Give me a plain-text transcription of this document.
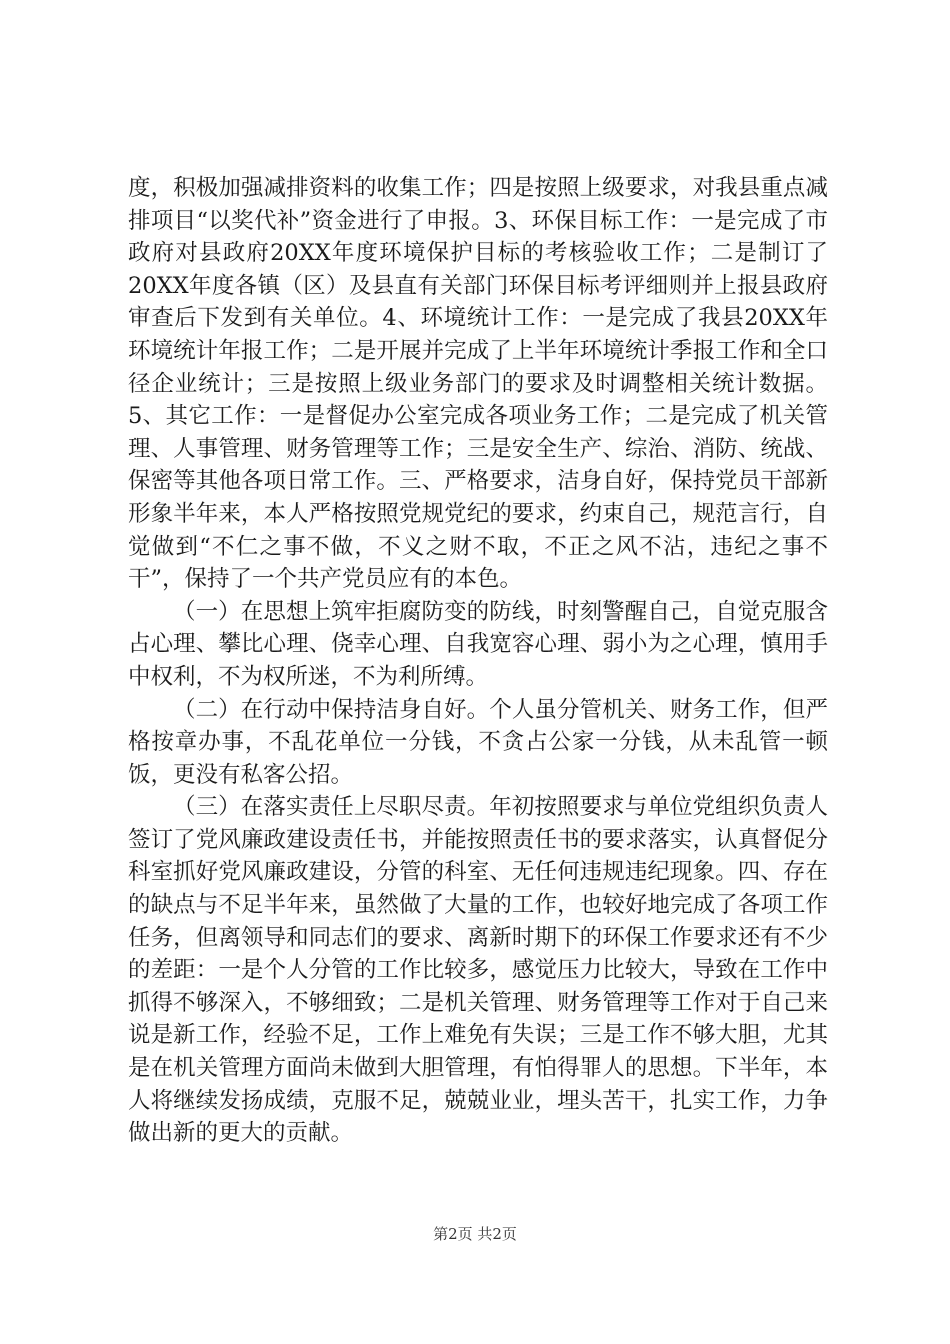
度，积极加强减排资料的收集工作；四是按照上级要求，对我县重点减排项目“以奖代补”资金进行了申报。3、环保目标工作：一是完成了市政府对县政府20XX年度环境保护目标的考核验收工作；二是制订了20XX年度各镇（区）及县直有关部门环保目标考评细则并上报县政府审查后下发到有关单位。4、环境统计工作：一是完成了我县20XX年环境统计年报工作；二是开展并完成了上半年环境统计季报工作和全口径企业统计；三是按照上级业务部门的要求及时调整相关统计数据。5、其它工作：一是督促办公室完成各项业务工作；二是完成了机关管理、人事管理、财务管理等工作；三是安全生产、综治、消防、统战、保密等其他各项日常工作。三、严格要求，洁身自好，保持党员干部新形象半年来，本人严格按照党规党纪的要求，约束自己，规范言行，自觉做到“不仁之事不做，不义之财不取，不正之风不沾，违纪之事不干”，保持了一个共产党员应有的本色。

（一）在思想上筑牢拒腐防变的防线，时刻警醒自己，自觉克服含占心理、攀比心理、侥幸心理、自我宽容心理、弱小为之心理，慎用手中权利，不为权所迷，不为利所缚。

（二）在行动中保持洁身自好。个人虽分管机关、财务工作，但严格按章办事，不乱花单位一分钱，不贪占公家一分钱，从未乱管一顿饭，更没有私客公招。

（三）在落实责任上尽职尽责。年初按照要求与单位党组织负责人签订了党风廉政建设责任书，并能按照责任书的要求落实，认真督促分科室抓好党风廉政建设，分管的科室、无任何违规违纪现象。四、存在的缺点与不足半年来，虽然做了大量的工作，也较好地完成了各项工作任务，但离领导和同志们的要求、离新时期下的环保工作要求还有不少的差距：一是个人分管的工作比较多，感觉压力比较大，导致在工作中抓得不够深入，不够细致；二是机关管理、财务管理等工作对于自己来说是新工作，经验不足，工作上难免有失误；三是工作不够大胆，尤其是在机关管理方面尚未做到大胆管理，有怕得罪人的思想。下半年，本人将继续发扬成绩，克服不足，兢兢业业，埋头苦干，扎实工作，力争做出新的更大的贡献。

第2页 共2页
